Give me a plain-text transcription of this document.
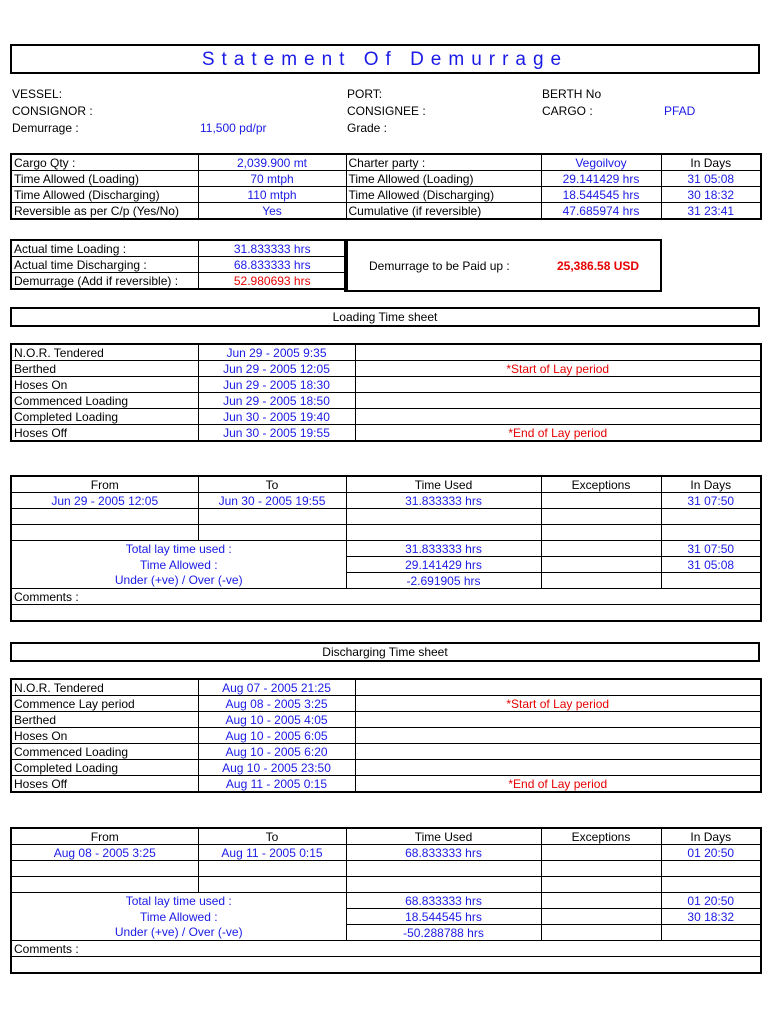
Statement Of Demurrage
VESSEL:
CONSIGNOR :
Demurrage :	11,500 pd/pr
PORT:
CONSIGNEE :
Grade :
BERTH No
CARGO :	PFAD
Cargo Qty :	2,039.900 mt	Charter party :	Vegoilvoy	In Days
Time Allowed (Loading)	70 mtph	Time Allowed (Loading)	29.141429 hrs	31 05:08
Time Allowed (Discharging)	110 mtph	Time Allowed (Discharging)	18.544545 hrs	30 18:32
Reversible as per C/p (Yes/No)	Yes	Cumulative (if reversible)	47.685974 hrs	31 23:41
Actual time Loading :	31.833333 hrs
Actual time Discharging :	68.833333 hrs
Demurrage (Add if reversible) :	52.980693 hrs
Demurrage to be Paid up :	25,386.58 USD
Loading Time sheet
N.O.R. Tendered	Jun 29 - 2005 9:35	
Berthed	Jun 29 - 2005 12:05	*Start of Lay period
Hoses On	Jun 29 - 2005 18:30	
Commenced Loading	Jun 29 - 2005 18:50	
Completed Loading	Jun 30 - 2005 19:40	
Hoses Off	Jun 30 - 2005 19:55	*End of Lay period
From	To	Time Used	Exceptions	In Days
Jun 29 - 2005 12:05	Jun 30 - 2005 19:55	31.833333 hrs		31 07:50

Total lay time used :		31.833333 hrs		31 07:50
Time Allowed :		29.141429 hrs		31 05:08
Under (+ve) / Over (-ve)		-2.691905 hrs		
Comments :				

Discharging Time sheet
N.O.R. Tendered	Aug 07 - 2005 21:25	
Commence Lay period	Aug 08 - 2005 3:25	*Start of Lay period
Berthed	Aug 10 - 2005 4:05	
Hoses On	Aug 10 - 2005 6:05	
Commenced Loading	Aug 10 - 2005 6:20	
Completed Loading	Aug 10 - 2005 23:50	
Hoses Off	Aug 11 - 2005 0:15	*End of Lay period
From	To	Time Used	Exceptions	In Days
Aug 08 - 2005 3:25	Aug 11 - 2005 0:15	68.833333 hrs		01 20:50

Total lay time used :		68.833333 hrs		01 20:50
Time Allowed :		18.544545 hrs		30 18:32
Under (+ve) / Over (-ve)		-50.288788 hrs		
Comments :				
